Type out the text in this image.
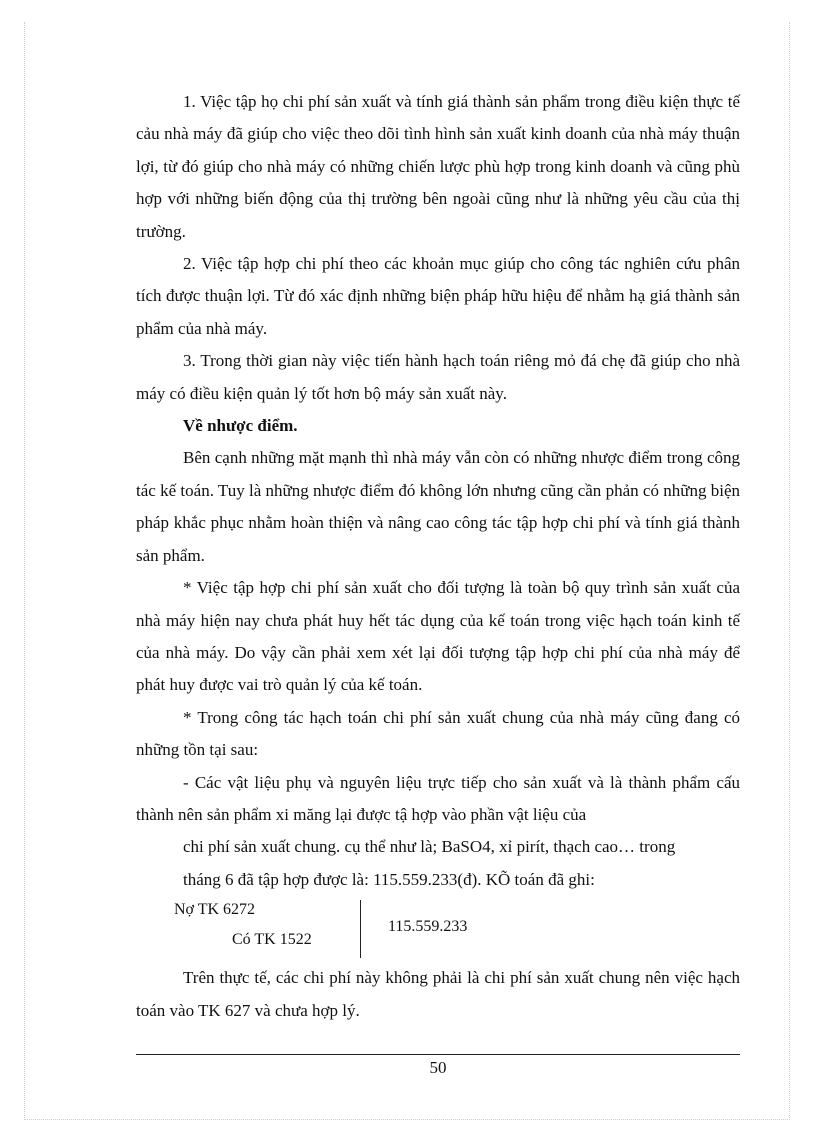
1. Việc tập họ chi phí sản xuất và tính giá thành sản phẩm trong điều kiện thực tế cảu nhà máy đã giúp cho việc theo dõi tình hình sản xuất kinh doanh của nhà máy thuận lợi, từ đó giúp cho nhà máy có những chiến lược phù hợp trong kinh doanh và cũng phù hợp với những biến động của thị trường bên ngoài cũng như là những yêu cầu của thị trường.

2. Việc tập hợp chi phí theo các khoản mục giúp cho công tác nghiên cứu phân tích được thuận lợi. Từ đó xác định những biện pháp hữu hiệu để nhằm hạ giá thành sản phẩm của nhà máy.

3. Trong thời gian này việc tiến hành hạch toán riêng mỏ đá chẹ đã giúp cho nhà máy có điều kiện quản lý tốt hơn bộ máy sản xuất này.

Về nhược điểm.

Bên cạnh những mặt mạnh thì nhà máy vẫn còn có những nhược điểm trong công tác kế toán. Tuy là những nhược điểm đó không lớn nhưng cũng cần phản có những biện pháp khắc phục nhằm hoàn thiện và nâng cao công tác tập hợp chi phí và tính giá thành sản phẩm.

* Việc tập hợp chi phí sản xuất cho đối tượng là toàn bộ quy trình sản xuất của nhà máy hiện nay chưa phát huy hết tác dụng của kế toán trong việc hạch toán kinh tế của nhà máy. Do vậy cần phải xem xét lại đối tượng tập hợp chi phí của nhà máy để phát huy được vai trò quản lý của kế toán.

* Trong công tác hạch toán chi phí sản xuất chung của nhà máy cũng đang có những tồn tại sau:

- Các vật liệu phụ và nguyên liệu trực tiếp cho sản xuất và là thành phẩm cấu thành nên sản phẩm xi măng lại được tậ hợp vào phần vật liệu của

chi phí sản xuất chung. cụ thể như là; BaSO4, xỉ pirít, thạch cao… trong

tháng 6 đã tập hợp được là: 115.559.233(đ). KÕ toán đã ghi:

Nợ TK 6272
Có TK 1522
115.559.233

Trên thực tế, các chi phí này không phải là chi phí sản xuất chung nên việc hạch toán vào TK 627 và chưa hợp lý.

50
